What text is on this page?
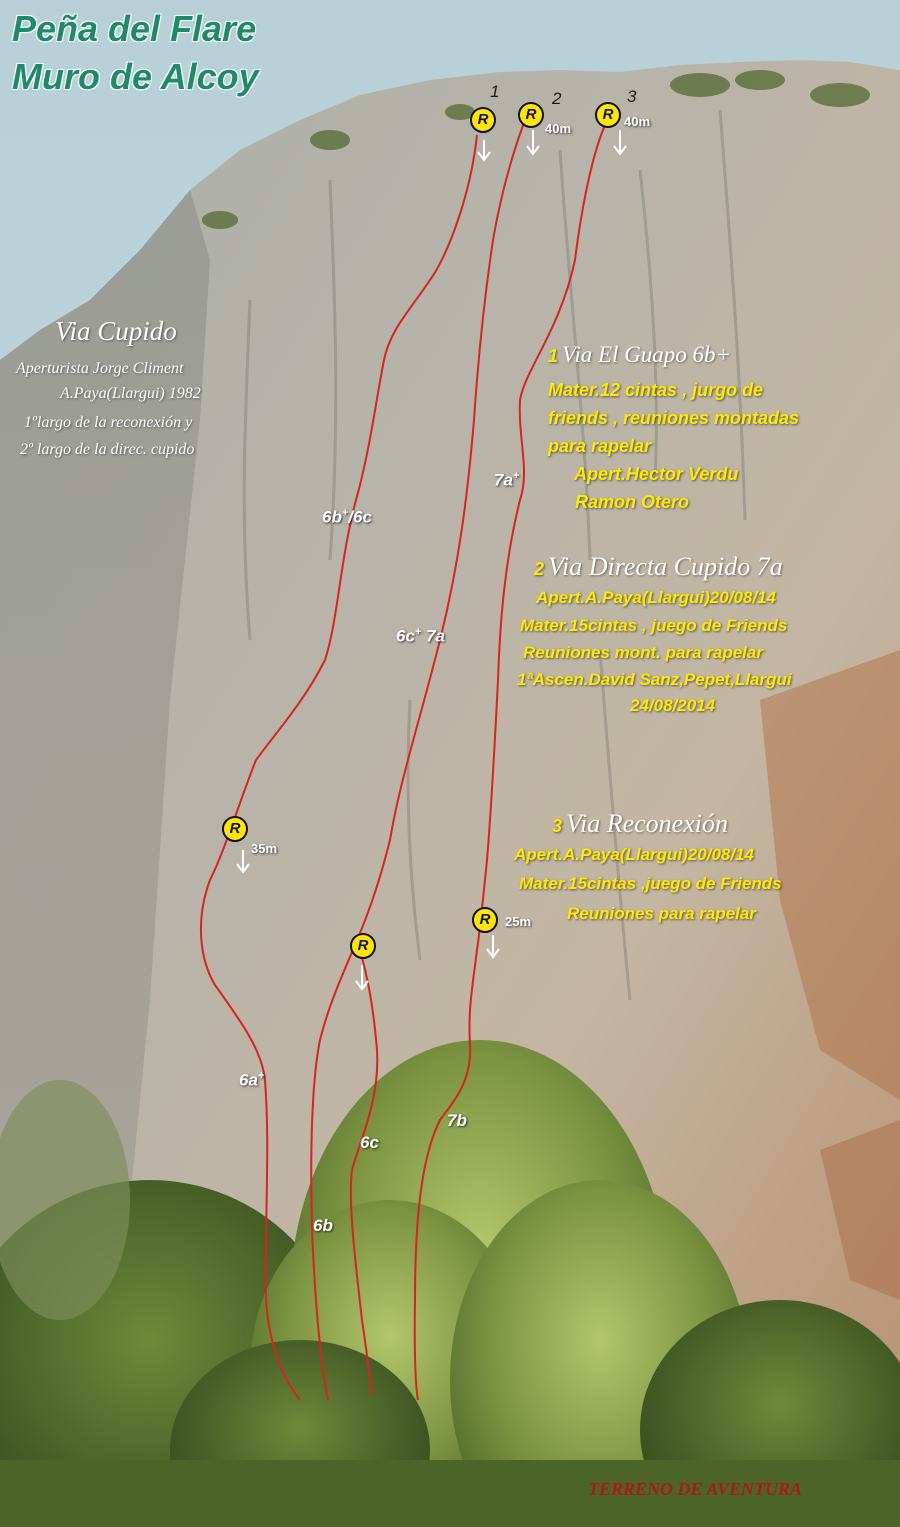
Peña del Flare
Muro de Alcoy
Via Cupido
Aperturista Jorge Climent
A.Paya(Llargui) 1982
1ºlargo de la reconexión y
2º largo de la direc. cupido
1 Via El Guapo 6b+
Mater.12 cintas , jurgo de
friends , reuniones montadas
para rapelar
Apert.Hector Verdu
Ramon Otero
2 Via Directa Cupido 7a
Apert.A.Paya(Llargui)20/08/14
Mater.15cintas , juego de Friends
Reuniones mont. para rapelar
1ªAscen.David Sanz,Pepet,Llargui
24/08/2014
3 Via Reconexión
Apert.A.Paya(Llargui)20/08/14
Mater.15cintas ,juego de Friends
Reuniones para rapelar
1	2	3
R	R	R
40m	40m
R
35m
R
R	25m
6b+/6c
7a+
6c+ 7a
6a+
7b
6c
6b
TERRENO DE AVENTURA
